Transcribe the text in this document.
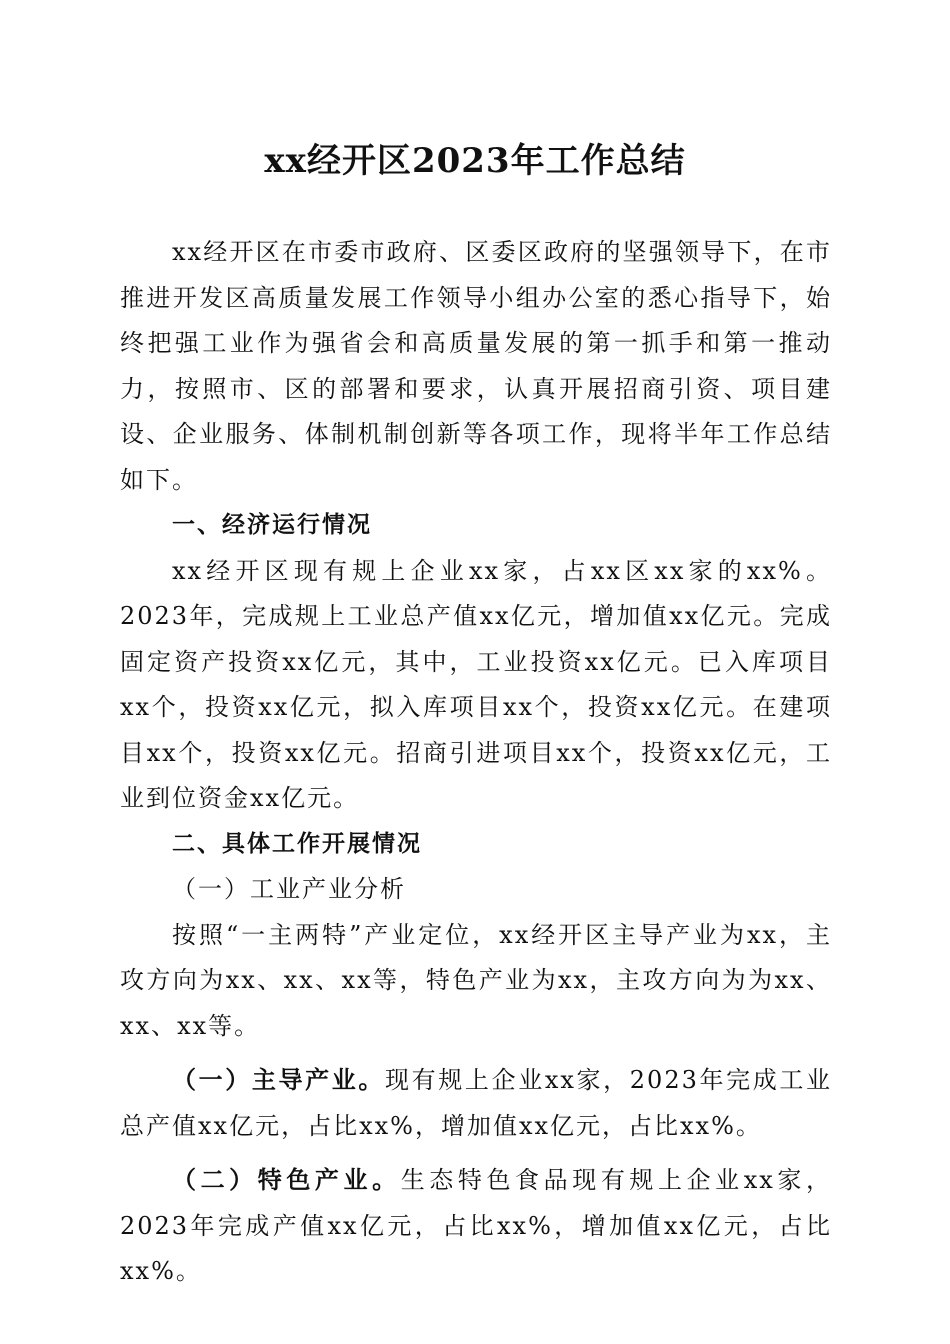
xx经开区2023年工作总结

xx经开区在市委市政府、区委区政府的坚强领导下，在市推进开发区高质量发展工作领导小组办公室的悉心指导下，始终把强工业作为强省会和高质量发展的第一抓手和第一推动力，按照市、区的部署和要求，认真开展招商引资、项目建设、企业服务、体制机制创新等各项工作，现将半年工作总结如下。

一、经济运行情况

xx经开区现有规上企业xx家，占xx区xx家的xx%。2023年，完成规上工业总产值xx亿元，增加值xx亿元。完成固定资产投资xx亿元，其中，工业投资xx亿元。已入库项目xx个，投资xx亿元，拟入库项目xx个，投资xx亿元。在建项目xx个，投资xx亿元。招商引进项目xx个，投资xx亿元，工业到位资金xx亿元。

二、具体工作开展情况

（一）工业产业分析

按照“一主两特”产业定位，xx经开区主导产业为xx，主攻方向为xx、xx、xx等，特色产业为xx，主攻方向为为xx、xx、xx等。

（一）主导产业。现有规上企业xx家，2023年完成工业总产值xx亿元，占比xx%，增加值xx亿元，占比xx%。

（二）特色产业。生态特色食品现有规上企业xx家，2023年完成产值xx亿元，占比xx%，增加值xx亿元，占比xx%。
